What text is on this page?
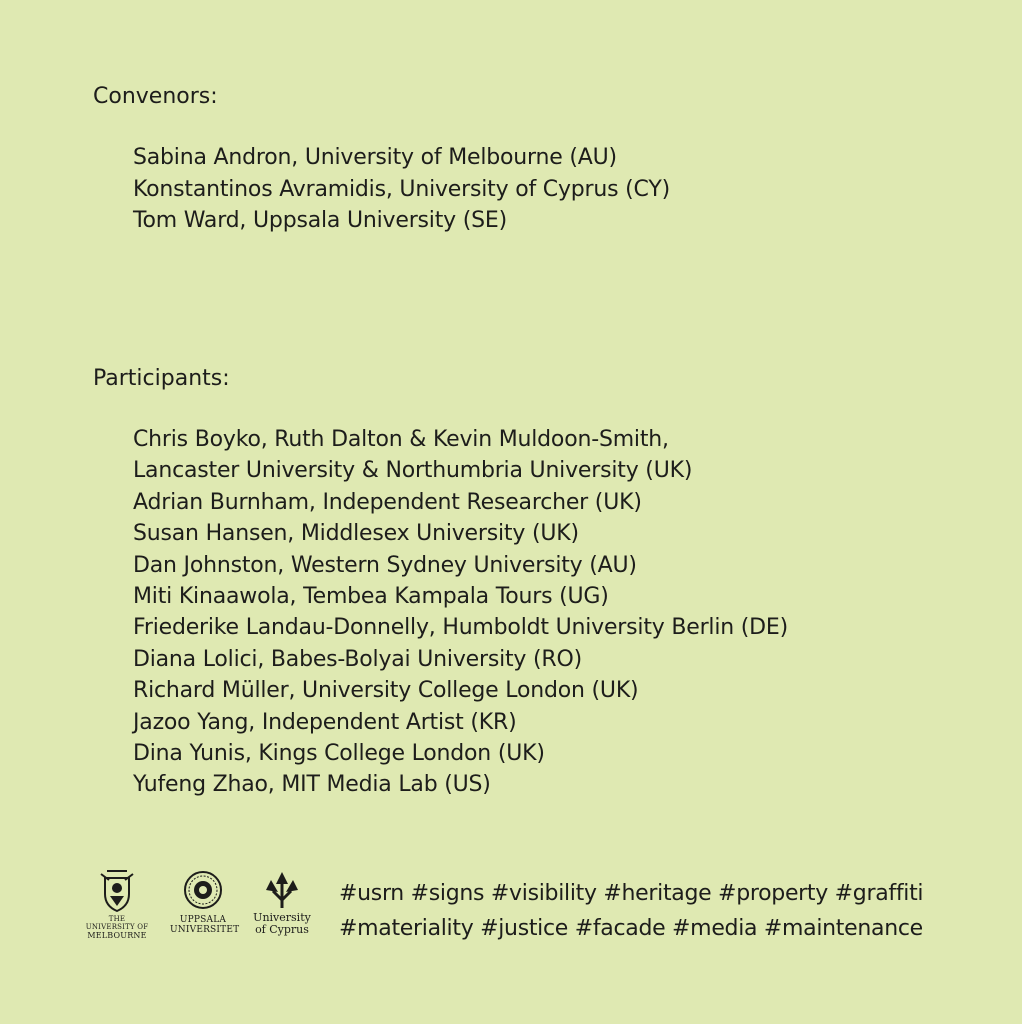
Convenors:
Sabina Andron, University of Melbourne (AU)
Konstantinos Avramidis, University of Cyprus (CY)
Tom Ward, Uppsala University (SE)
Participants:
Chris Boyko, Ruth Dalton & Kevin Muldoon-Smith,
Lancaster University & Northumbria University (UK)
Adrian Burnham, Independent Researcher (UK)
Susan Hansen, Middlesex University (UK)
Dan Johnston, Western Sydney University (AU)
Miti Kinaawola, Tembea Kampala Tours (UG)
Friederike Landau-Donnelly, Humboldt University Berlin (DE)
Diana Lolici, Babes-Bolyai University (RO)
Richard Müller, University College London (UK)
Jazoo Yang, Independent Artist (KR)
Dina Yunis, Kings College London (UK)
Yufeng Zhao, MIT Media Lab (US)
THE UNIVERSITY OF
MELBOURNE
UPPSALA
UNIVERSITET
University
of Cyprus
#usrn #signs #visibility #heritage #property #graffiti
#materiality #justice #facade #media #maintenance
